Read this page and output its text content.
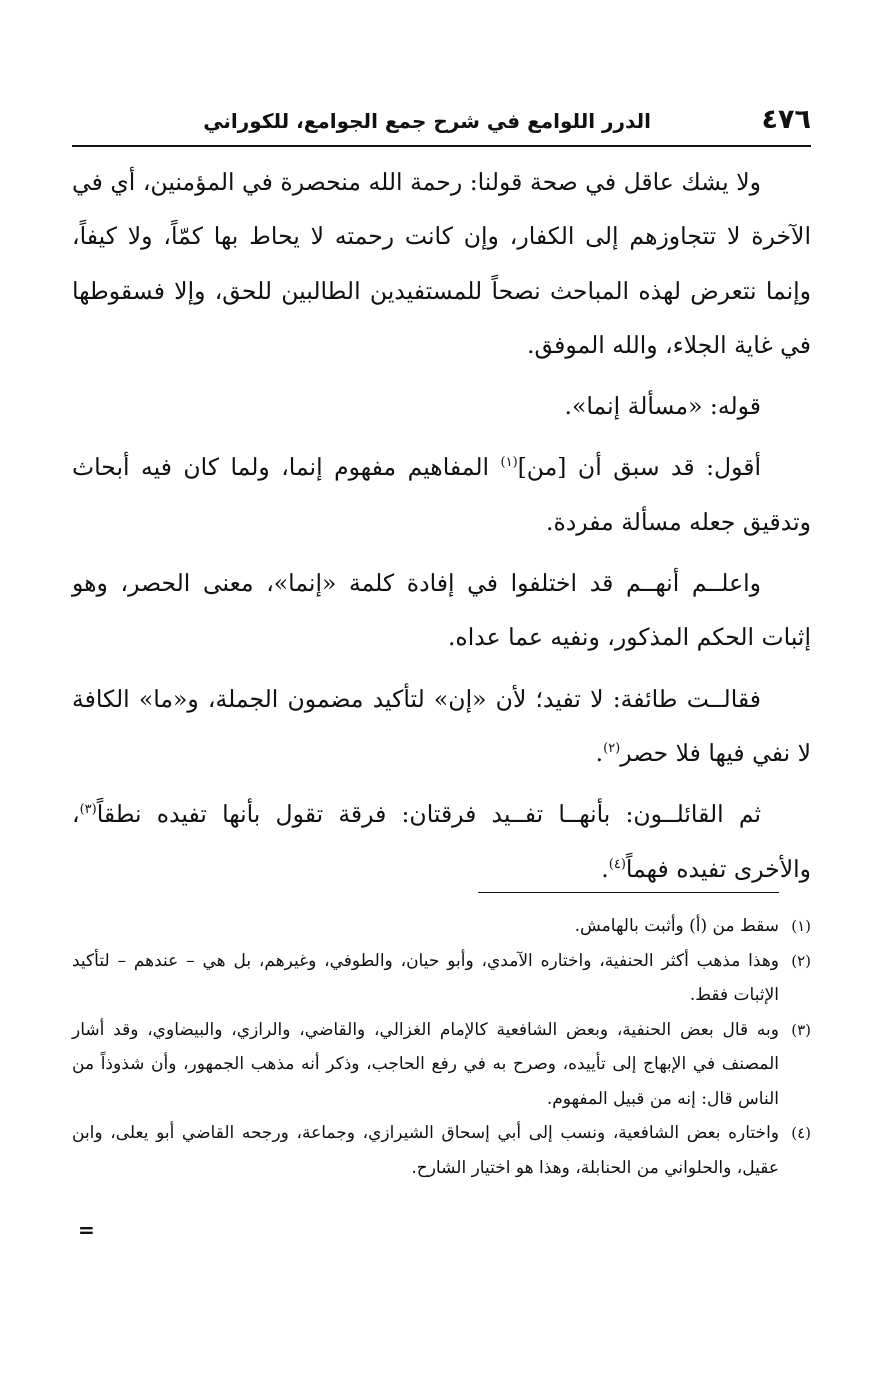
٤٧٦
الدرر اللوامع في شرح جمع الجوامع، للكوراني

ولا يشك عاقل في صحة قولنا: رحمة الله منحصرة في المؤمنين، أي في الآخرة لا تتجاوزهم إلى الكفار، وإن كانت رحمته لا يحاط بها كمّاً، ولا كيفاً، وإنما نتعرض لهذه المباحث نصحاً للمستفيدين الطالبين للحق، وإلا فسقوطها في غاية الجلاء، والله الموفق.

قوله: «مسألة إنما».

أقول: قد سبق أن [من]$^{(١)}$ المفاهيم مفهوم إنما، ولما كان فيه أبحاث وتدقيق جعله مسألة مفردة.

واعلــم أنهــم قد اختلفوا في إفادة كلمة «إنما»، معنى الحصر، وهو إثبات الحكم المذكور، ونفيه عما عداه.

فقالــت طائفة: لا تفيد؛ لأن «إن» لتأكيد مضمون الجملة، و«ما» الكافة لا نفي فيها فلا حصر$^{(٢)}$.

ثم القائلــون: بأنهــا تفــيد فرقتان: فرقة تقول بأنها تفيده نطقاً$^{(٣)}$، والأخرى تفيده فهماً$^{(٤)}$.

(١)
سقط من (أ) وأثبت بالهامش.

(٢)
وهذا مذهب أكثر الحنفية، واختاره الآمدي، وأبو حيان، والطوفي، وغيرهم، بل هي – عندهم – لتأكيد الإثبات فقط.

(٣)
وبه قال بعض الحنفية، وبعض الشافعية كالإمام الغزالي، والقاضي، والرازي، والبيضاوي، وقد أشار المصنف في الإبهاج إلى تأييده، وصرح به في رفع الحاجب، وذكر أنه مذهب الجمهور، وأن شذوذاً من الناس قال: إنه من قبيل المفهوم.

(٤)
واختاره بعض الشافعية، ونسب إلى أبي إسحاق الشيرازي، وجماعة، ورجحه القاضي أبو يعلى، وابن عقيل، والحلواني من الحنابلة، وهذا هو اختيار الشارح.

=
